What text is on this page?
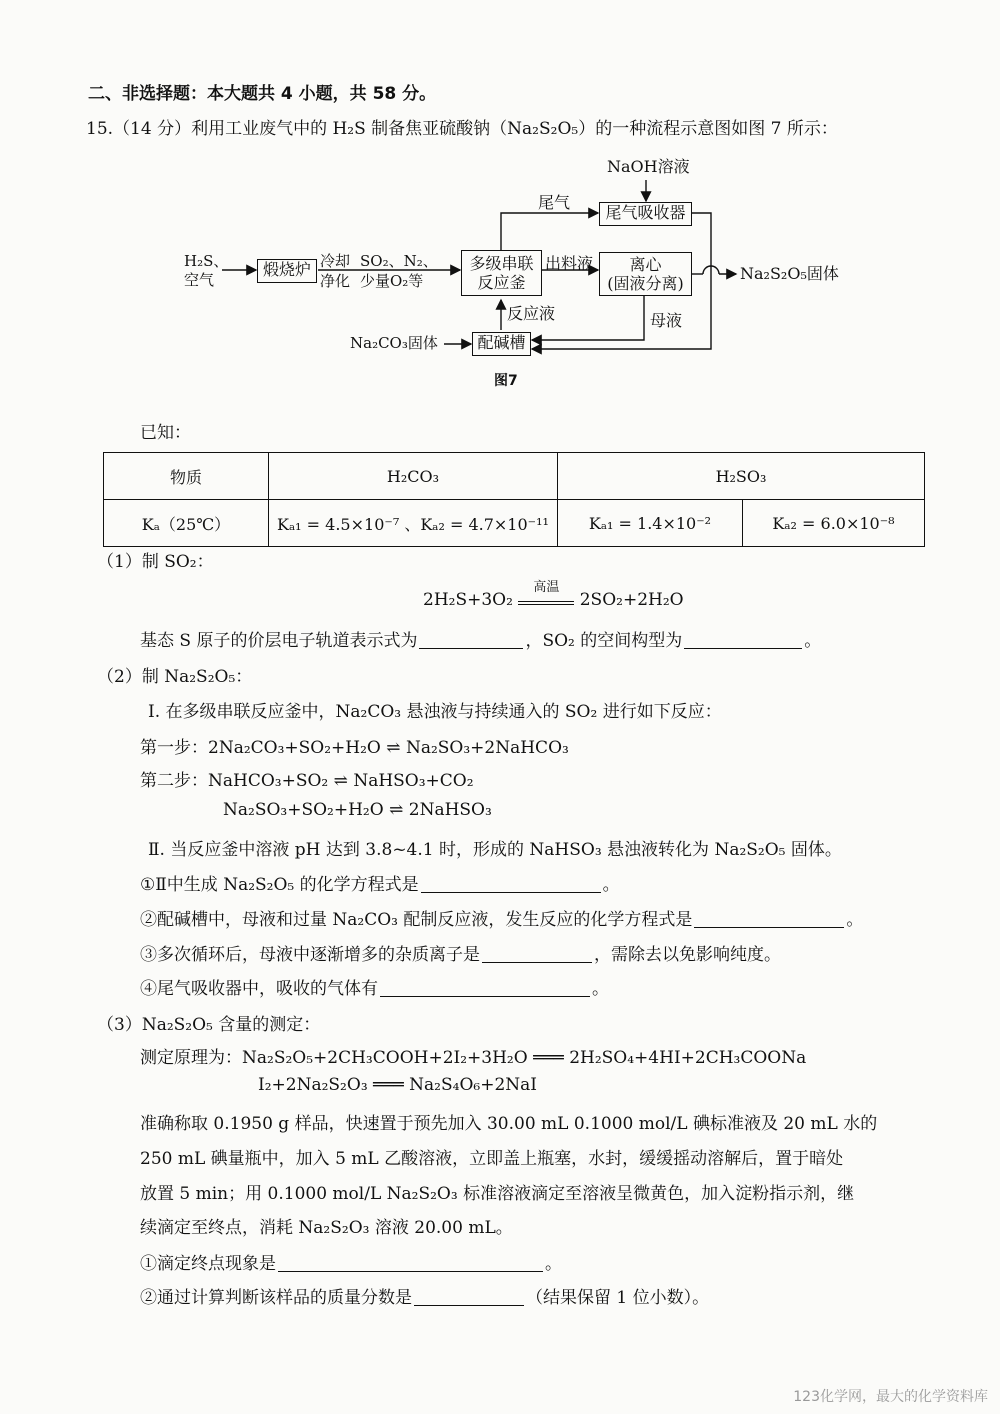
二、非选择题：本大题共 4 小题，共 58 分。
15.（14 分）利用工业废气中的 H₂S 制备焦亚硫酸钠（Na₂S₂O₅）的一种流程示意图如图 7 所示：
NaOH溶液
尾气
尾气吸收器
H₂S、
空气
煅烧炉 冷却
净化
SO₂、N₂、
少量O₂等
多级串联
反应釜
出料液	离心
(固液分离)
Na₂S₂O₅固体
反应液	母液
Na₂CO₃固体	配碱槽
图7
已知：
物质	H₂CO₃	H₂SO₃	
Kₐ（25℃）	Kₐ₁ = 4.5×10⁻⁷ 、Kₐ₂ = 4.7×10⁻¹¹	Kₐ₁ = 1.4×10⁻²	Kₐ₂ = 6.0×10⁻⁸
（1）制 SO₂：
2H₂S+3O₂
高温
2SO₂+2H₂O
基态 S 原子的价层电子轨道表示式为	，SO₂ 的空间构型为	。
（2）制 Na₂S₂O₅：
Ⅰ. 在多级串联反应釜中，Na₂CO₃ 悬浊液与持续通入的 SO₂ 进行如下反应：
第一步：2Na₂CO₃+SO₂+H₂O ⇌ Na₂SO₃+2NaHCO₃
第二步：NaHCO₃+SO₂ ⇌ NaHSO₃+CO₂
Na₂SO₃+SO₂+H₂O ⇌ 2NaHSO₃
Ⅱ. 当反应釜中溶液 pH 达到 3.8~4.1 时，形成的 NaHSO₃ 悬浊液转化为 Na₂S₂O₅ 固体。
①Ⅱ中生成 Na₂S₂O₅ 的化学方程式是	。
②配碱槽中，母液和过量 Na₂CO₃ 配制反应液，发生反应的化学方程式是	。
③多次循环后，母液中逐渐增多的杂质离子是	，需除去以免影响纯度。
④尾气吸收器中，吸收的气体有	。
（3）Na₂S₂O₅ 含量的测定：
测定原理为：Na₂S₂O₅+2CH₃COOH+2I₂+3H₂O ═══ 2H₂SO₄+4HI+2CH₃COONa
I₂+2Na₂S₂O₃ ═══ Na₂S₄O₆+2NaI
准确称取 0.1950 g 样品，快速置于预先加入 30.00 mL 0.1000 mol/L 碘标准液及 20 mL 水的
250 mL 碘量瓶中，加入 5 mL 乙酸溶液，立即盖上瓶塞，水封，缓缓摇动溶解后，置于暗处
放置 5 min；用 0.1000 mol/L Na₂S₂O₃ 标准溶液滴定至溶液呈微黄色，加入淀粉指示剂，继
续滴定至终点，消耗 Na₂S₂O₃ 溶液 20.00 mL。
①滴定终点现象是	。
②通过计算判断该样品的质量分数是	（结果保留 1 位小数）。
123化学网，最大的化学资料库
